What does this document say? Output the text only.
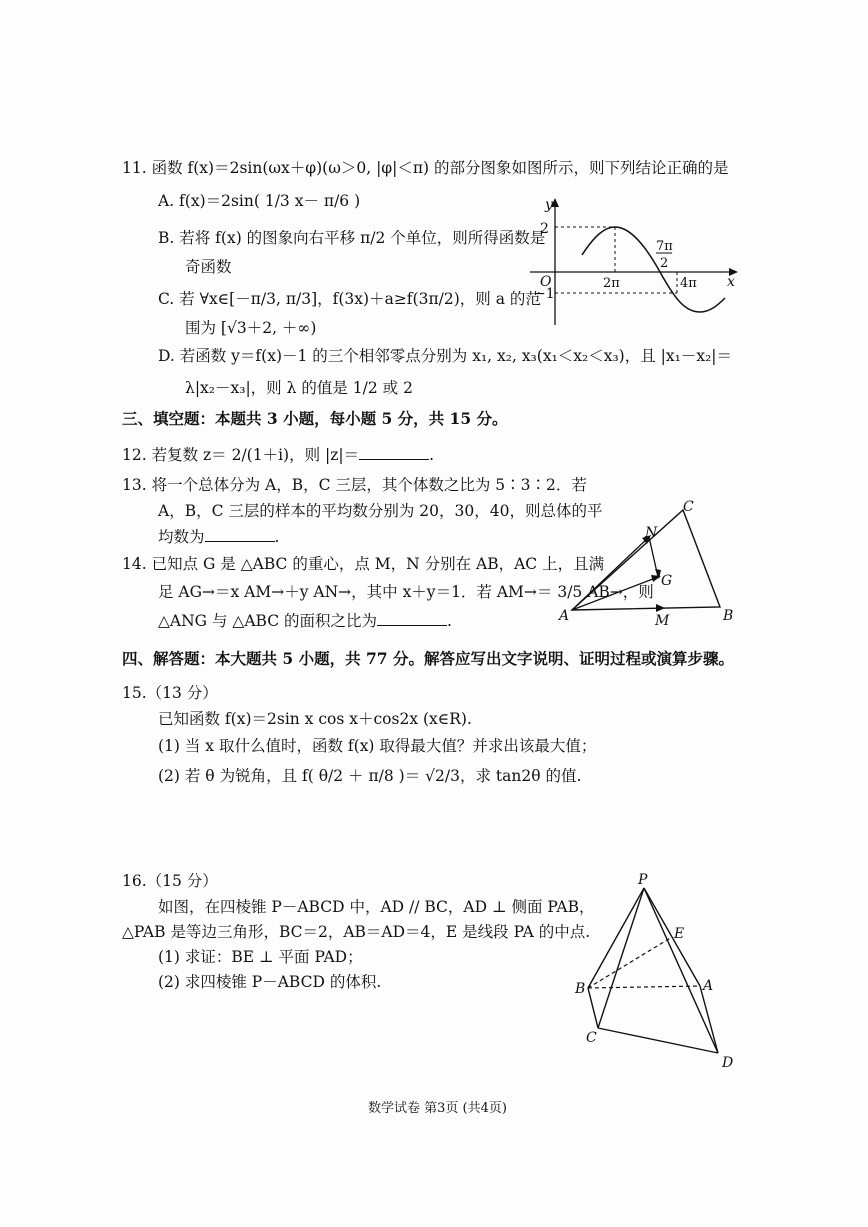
11. 函数 f(x)＝2sin(ωx＋φ)(ω＞0, |φ|＜π) 的部分图象如图所示，则下列结论正确的是
A. f(x)＝2sin( 1/3 x－ π/6 )
B. 若将 f(x) 的图象向右平移 π/2 个单位，则所得函数是
奇函数
C. 若 ∀x∈[－π/3, π/3]，f(3x)＋a≥f(3π/2)，则 a 的范
围为 [√3＋2, ＋∞)
D. 若函数 y＝f(x)－1 的三个相邻零点分别为 x₁, x₂, x₃(x₁＜x₂＜x₃)，且 |x₁－x₂|＝
λ|x₂－x₃|，则 λ 的值是 1/2 或 2
y
x
O
2
−1
2π
7π
2
4π
三、填空题：本题共 3 小题，每小题 5 分，共 15 分。
12. 若复数 z＝ 2/(1＋i)，则 |z|＝	.
13. 将一个总体分为 A，B，C 三层，其个体数之比为 5∶3∶2．若
A，B，C 三层的样本的平均数分别为 20，30，40，则总体的平
均数为	.
14. 已知点 G 是 △ABC 的重心，点 M，N 分别在 AB，AC 上，且满
足 AG→＝x AM→＋y AN→，其中 x＋y＝1．若 AM→＝ 3/5 AB→，则
△ANG 与 △ABC 的面积之比为	.	A	B
C
M
N
G
四、解答题：本大题共 5 小题，共 77 分。解答应写出文字说明、证明过程或演算步骤。
15.（13 分）
已知函数 f(x)＝2sin x cos x＋cos2x (x∈R).
(1) 当 x 取什么值时，函数 f(x) 取得最大值？并求出该最大值；
(2) 若 θ 为锐角，且 f( θ/2 ＋ π/8 )＝ √2/3，求 tan2θ 的值.
16.（15 分）
如图，在四棱锥 P－ABCD 中，AD // BC，AD ⊥ 侧面 PAB，
△PAB 是等边三角形，BC＝2，AB＝AD＝4，E 是线段 PA 的中点.
(1) 求证：BE ⊥ 平面 PAD；
(2) 求四棱锥 P－ABCD 的体积.
P
E
A
B
C
D
数学试卷 第3页 (共4页)
